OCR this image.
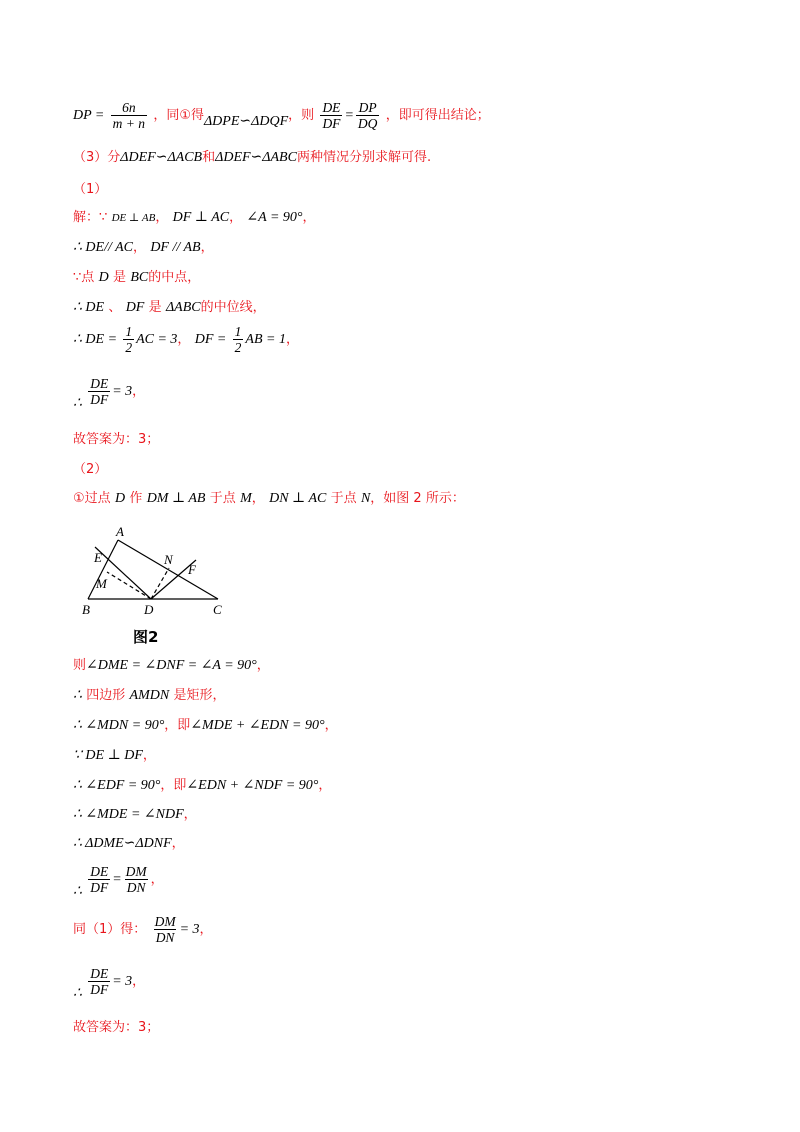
DP = $\frac{6n}{m + n}$ ，同①得ΔDPE∽ΔDQF，则 $\frac{DE}{DF} = \frac{DP}{DQ}$ ，即可得出结论；
（3）分ΔDEF∽ΔACB和ΔDEF∽ΔABC两种情况分别求解可得.
（1）
解：∵ DE ⊥ AB， DF ⊥ AC， ∠A = 90°，
∴ DE// AC， DF // AB，
∵点 D 是 BC的中点，
∴ DE 、 DF 是 ΔABC的中位线，
∴ DE = $\frac{1}{2}$ AC = 3， DF = $\frac{1}{2}$ AB = 1，
∴ $\frac{DE}{DF} = 3$，
故答案为：3；
（2）
①过点 D 作 DM ⊥ AB 于点 M， DN ⊥ AC 于点 N，如图 2 所示：
A
E	N
F
M
B	D	C
图2
则∠DME = ∠DNF = ∠A = 90°，
∴ 四边形 AMDN 是矩形，
∴ ∠MDN = 90°，即∠MDE + ∠EDN = 90°，
∵ DE ⊥ DF，
∴ ∠EDF = 90°，即∠EDN + ∠NDF = 90°，
∴ ∠MDE = ∠NDF，
∴ ΔDME∽ΔDNF，
∴ $\frac{DE}{DF} = \frac{DM}{DN}$ ，
同（1）得： $\frac{DM}{DN} = 3$，
∴ $\frac{DE}{DF} = 3$，
故答案为：3；
